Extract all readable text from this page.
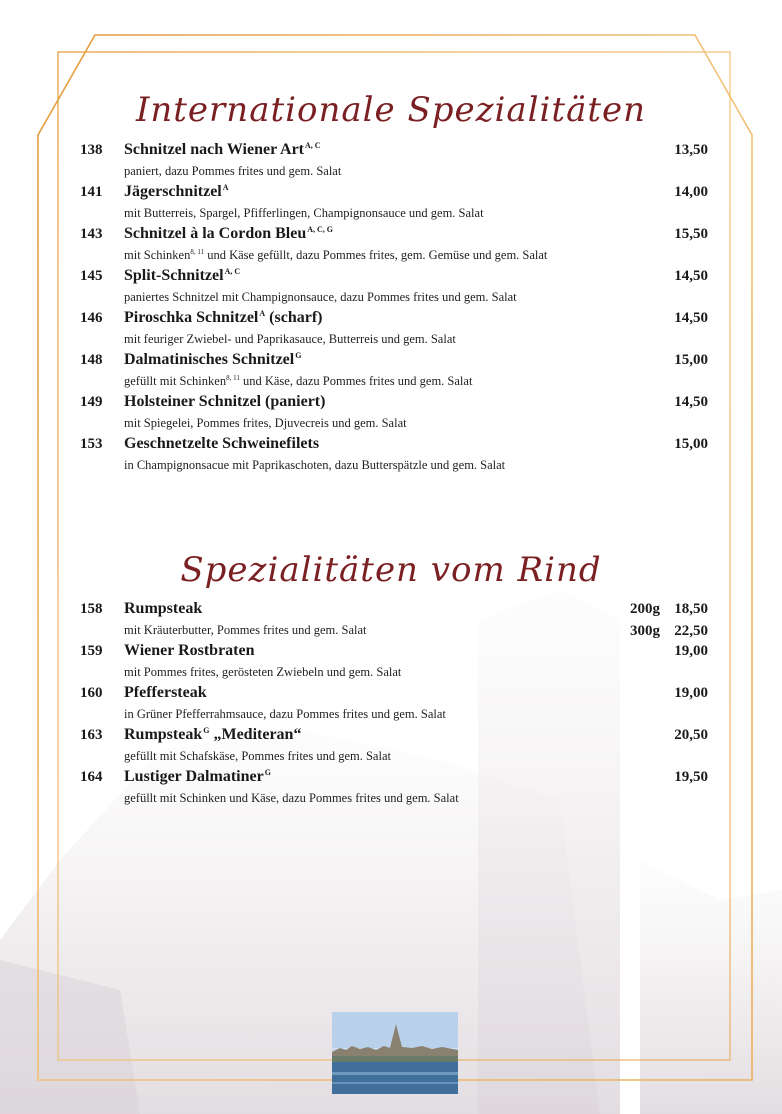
Internationale Spezialitäten
138 Schnitzel nach Wiener Art$^{A, C}$
paniert, dazu Pommes frites und gem. Salat
13,50
141 Jägerschnitzel$^A$
mit Butterreis, Spargel, Pfifferlingen, Champignonsauce und gem. Salat
14,00
143 Schnitzel à la Cordon Bleu$^{A, C, G}$
mit Schinken$^{8, 11}$ und Käse gefüllt, dazu Pommes frites, gem. Gemüse und gem. Salat
15,50
145 Split-Schnitzel$^{A, C}$
paniertes Schnitzel mit Champignonsauce, dazu Pommes frites und gem. Salat
14,50
146 Piroschka Schnitzel$^A$ (scharf)
mit feuriger Zwiebel- und Paprikasauce, Butterreis und gem. Salat
14,50
148 Dalmatinisches Schnitzel$^G$
gefüllt mit Schinken$^{8, 11}$ und Käse, dazu Pommes frites und gem. Salat
15,00
149 Holsteiner Schnitzel (paniert)
mit Spiegelei, Pommes frites, Djuvecreis und gem. Salat
14,50
153 Geschnetzelte Schweinefilets
in Champignonsacue mit Paprikaschoten, dazu Butterspätzle und gem. Salat
15,00
Spezialitäten vom Rind
158 Rumpsteak
mit Kräuterbutter, Pommes frites und gem. Salat
200g 18,50
300g 22,50
159 Wiener Rostbraten
mit Pommes frites, gerösteten Zwiebeln und gem. Salat
19,00
160 Pfeffersteak
in Grüner Pfefferrahmsauce, dazu Pommes frites und gem. Salat
19,00
163 Rumpsteak$^G$ „Mediteran“
gefüllt mit Schafskäse, Pommes frites und gem. Salat
20,50
164 Lustiger Dalmatiner$^G$
gefüllt mit Schinken und Käse, dazu Pommes frites und gem. Salat
19,50
